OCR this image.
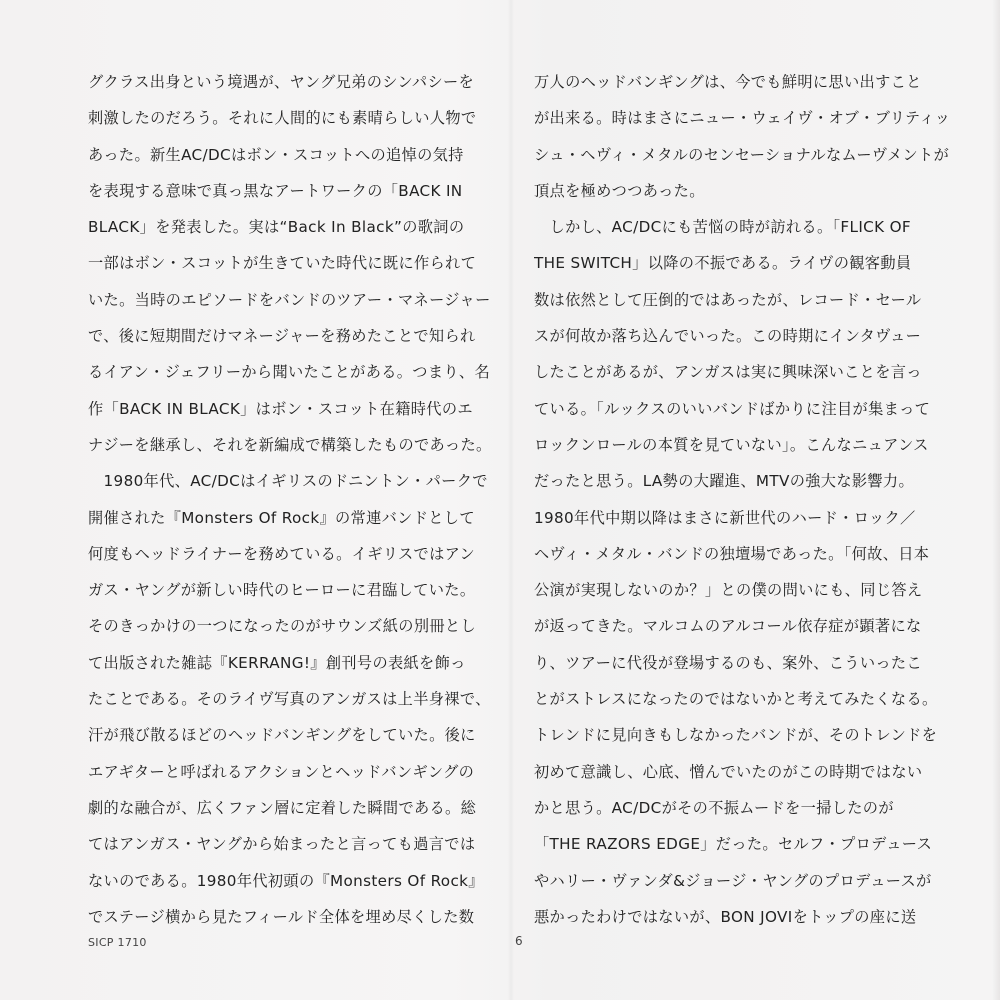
グクラス出身という境遇が、ヤング兄弟のシンパシーを
刺激したのだろう。それに人間的にも素晴らしい人物で
あった。新生AC/DCはボン・スコットへの追悼の気持
を表現する意味で真っ黒なアートワークの「BACK IN
BLACK」を発表した。実は“Back In Black”の歌詞の
一部はボン・スコットが生きていた時代に既に作られて
いた。当時のエピソードをバンドのツアー・マネージャー
で、後に短期間だけマネージャーを務めたことで知られ
るイアン・ジェフリーから聞いたことがある。つまり、名
作「BACK IN BLACK」はボン・スコット在籍時代のエ
ナジーを継承し、それを新編成で構築したものであった。
　1980年代、AC/DCはイギリスのドニントン・パークで
開催された『Monsters Of Rock』の常連バンドとして
何度もヘッドライナーを務めている。イギリスではアン
ガス・ヤングが新しい時代のヒーローに君臨していた。
そのきっかけの一つになったのがサウンズ紙の別冊とし
て出版された雑誌『KERRANG!』創刊号の表紙を飾っ
たことである。そのライヴ写真のアンガスは上半身裸で、
汗が飛び散るほどのヘッドバンギングをしていた。後に
エアギターと呼ばれるアクションとヘッドバンギングの
劇的な融合が、広くファン層に定着した瞬間である。総
てはアンガス・ヤングから始まったと言っても過言では
ないのである。1980年代初頭の『Monsters Of Rock』
でステージ横から見たフィールド全体を埋め尽くした数
万人のヘッドバンギングは、今でも鮮明に思い出すこと
が出来る。時はまさにニュー・ウェイヴ・オブ・ブリティッ
シュ・ヘヴィ・メタルのセンセーショナルなムーヴメントが
頂点を極めつつあった。
　しかし、AC/DCにも苦悩の時が訪れる。「FLICK OF
THE SWITCH」以降の不振である。ライヴの観客動員
数は依然として圧倒的ではあったが、レコード・セール
スが何故か落ち込んでいった。この時期にインタヴュー
したことがあるが、アンガスは実に興味深いことを言っ
ている。「ルックスのいいバンドばかりに注目が集まって
ロックンロールの本質を見ていない」。こんなニュアンス
だったと思う。LA勢の大躍進、MTVの強大な影響力。
1980年代中期以降はまさに新世代のハード・ロック／
ヘヴィ・メタル・バンドの独壇場であった。「何故、日本
公演が実現しないのか？」との僕の問いにも、同じ答え
が返ってきた。マルコムのアルコール依存症が顕著にな
り、ツアーに代役が登場するのも、案外、こういったこ
とがストレスになったのではないかと考えてみたくなる。
トレンドに見向きもしなかったバンドが、そのトレンドを
初めて意識し、心底、憎んでいたのがこの時期ではない
かと思う。AC/DCがその不振ムードを一掃したのが
「THE RAZORS EDGE」だった。セルフ・プロデュース
やハリー・ヴァンダ&ジョージ・ヤングのプロデュースが
悪かったわけではないが、BON JOVIをトップの座に送
SICP 1710	6
